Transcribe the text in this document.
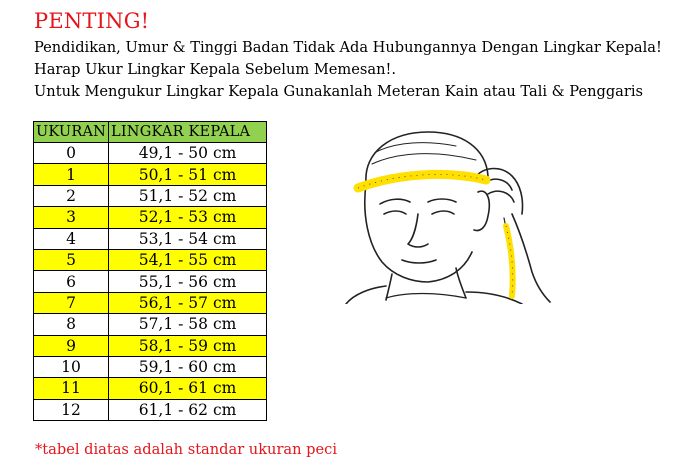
PENTING!
Pendidikan, Umur & Tinggi Badan Tidak Ada Hubungannya Dengan Lingkar Kepala!
Harap Ukur Lingkar Kepala Sebelum Memesan!.
Untuk Mengukur Lingkar Kepala Gunakanlah Meteran Kain atau Tali & Penggaris
UKURAN	LINGKAR KEPALA
0	49,1 - 50 cm
1	50,1 - 51 cm
2	51,1 - 52 cm
3	52,1 - 53 cm
4	53,1 - 54 cm
5	54,1 - 55 cm
6	55,1 - 56 cm
7	56,1 - 57 cm
8	57,1 - 58 cm
9	58,1 - 59 cm
10	59,1 - 60 cm
11	60,1 - 61 cm
12	61,1 - 62 cm
*tabel diatas adalah standar ukuran peci
